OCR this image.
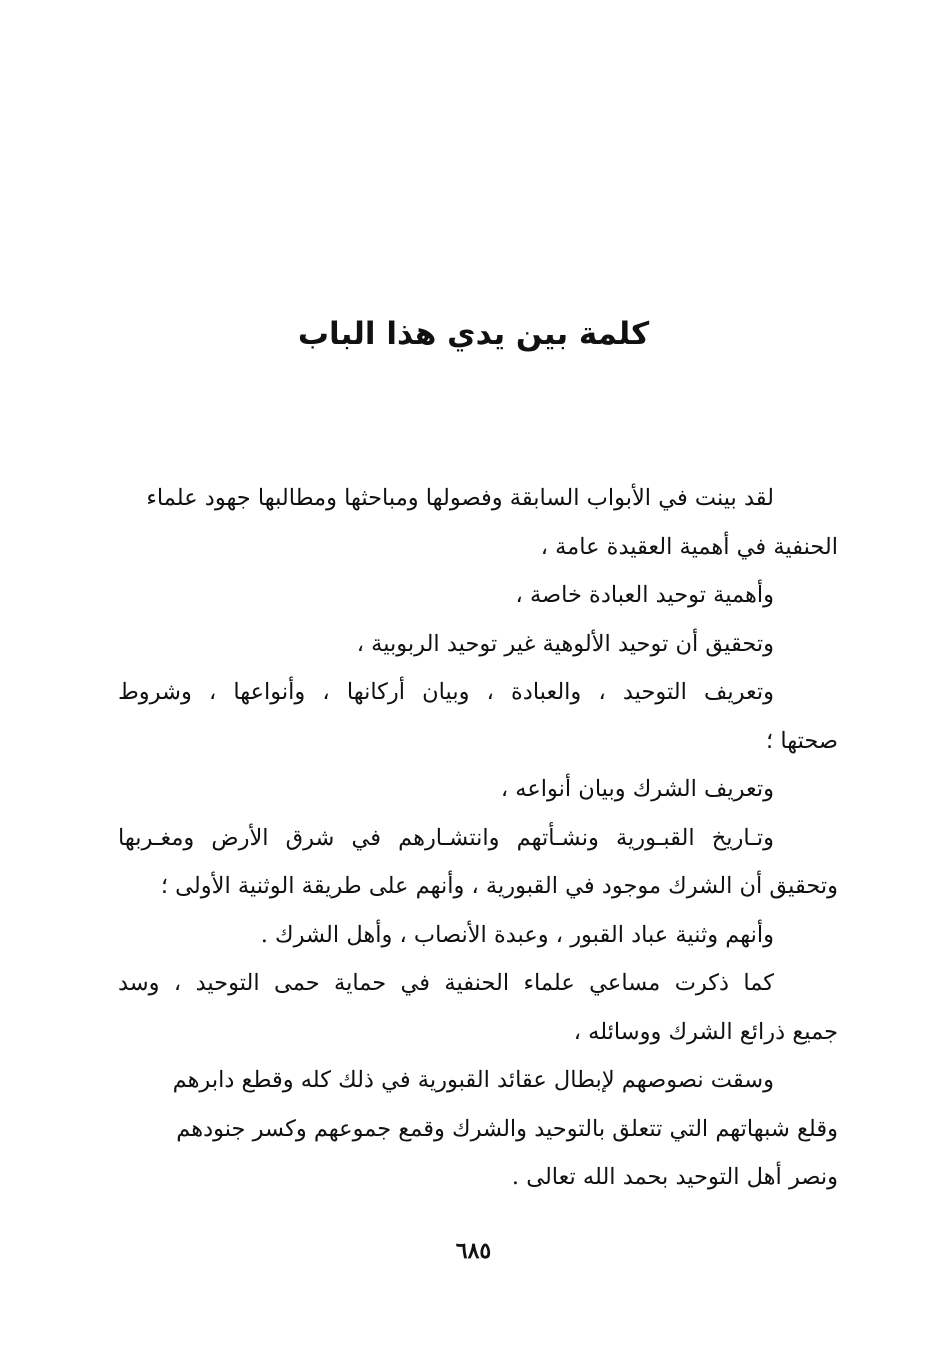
كلمة بين يدي هذا الباب
لقد بينت في الأبواب السابقة وفصولها ومباحثها ومطالبها جهود علماء
الحنفية في أهمية العقيدة عامة ،
وأهمية توحيد العبادة خاصة ،
وتحقيق أن توحيد الألوهية غير توحيد الربوبية ،
وتعريف التوحيد ، والعبادة ، وبيان أركانها ، وأنواعها ، وشروط
صحتها ؛
وتعريف الشرك وبيان أنواعه ،
وتـاريخ القبـورية ونشـأتهم وانتشـارهم في شرق الأرض ومغـربها
وتحقيق أن الشرك موجود في القبورية ، وأنهم على طريقة الوثنية الأولى ؛
وأنهم وثنية عباد القبور ، وعبدة الأنصاب ، وأهل الشرك .
كما ذكرت مساعي علماء الحنفية في حماية حمى التوحيد ، وسد
جميع ذرائع الشرك ووسائله ،
وسقت نصوصهم لإبطال عقائد القبورية في ذلك كله وقطع دابرهم
وقلع شبهاتهم التي تتعلق بالتوحيد والشرك وقمع جموعهم وكسر جنودهم
ونصر أهل التوحيد بحمد الله تعالى .
٦٨٥
